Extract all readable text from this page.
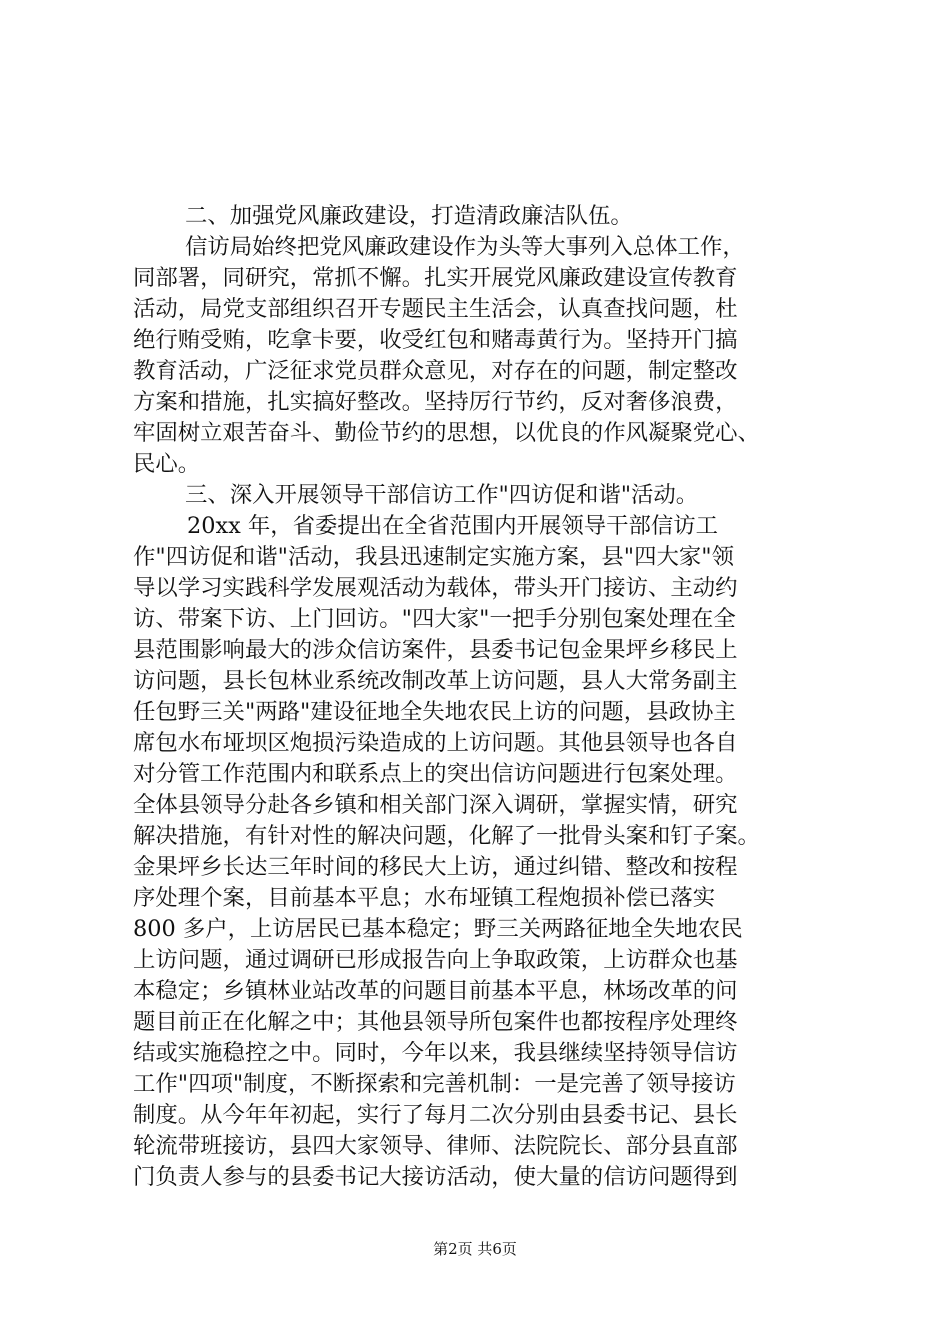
二、加强党风廉政建设，打造清政廉洁队伍。
信访局始终把党风廉政建设作为头等大事列入总体工作，
同部署，同研究，常抓不懈。扎实开展党风廉政建设宣传教育
活动，局党支部组织召开专题民主生活会，认真查找问题，杜
绝行贿受贿，吃拿卡要，收受红包和赌毒黄行为。坚持开门搞
教育活动，广泛征求党员群众意见，对存在的问题，制定整改
方案和措施，扎实搞好整改。坚持厉行节约，反对奢侈浪费，
牢固树立艰苦奋斗、勤俭节约的思想，以优良的作风凝聚党心、
民心。
三、深入开展领导干部信访工作"四访促和谐"活动。
20xx 年，省委提出在全省范围内开展领导干部信访工
作"四访促和谐"活动，我县迅速制定实施方案，县"四大家"领
导以学习实践科学发展观活动为载体，带头开门接访、主动约
访、带案下访、上门回访。"四大家"一把手分别包案处理在全
县范围影响最大的涉众信访案件，县委书记包金果坪乡移民上
访问题，县长包林业系统改制改革上访问题，县人大常务副主
任包野三关"两路"建设征地全失地农民上访的问题，县政协主
席包水布垭坝区炮损污染造成的上访问题。其他县领导也各自
对分管工作范围内和联系点上的突出信访问题进行包案处理。
全体县领导分赴各乡镇和相关部门深入调研，掌握实情，研究
解决措施，有针对性的解决问题，化解了一批骨头案和钉子案。
金果坪乡长达三年时间的移民大上访，通过纠错、整改和按程
序处理个案，目前基本平息；水布垭镇工程炮损补偿已落实
800 多户，上访居民已基本稳定；野三关两路征地全失地农民
上访问题，通过调研已形成报告向上争取政策，上访群众也基
本稳定；乡镇林业站改革的问题目前基本平息，林场改革的问
题目前正在化解之中；其他县领导所包案件也都按程序处理终
结或实施稳控之中。同时，今年以来，我县继续坚持领导信访
工作"四项"制度，不断探索和完善机制：一是完善了领导接访
制度。从今年年初起，实行了每月二次分别由县委书记、县长
轮流带班接访，县四大家领导、律师、法院院长、部分县直部
门负责人参与的县委书记大接访活动，使大量的信访问题得到
第2页 共6页
